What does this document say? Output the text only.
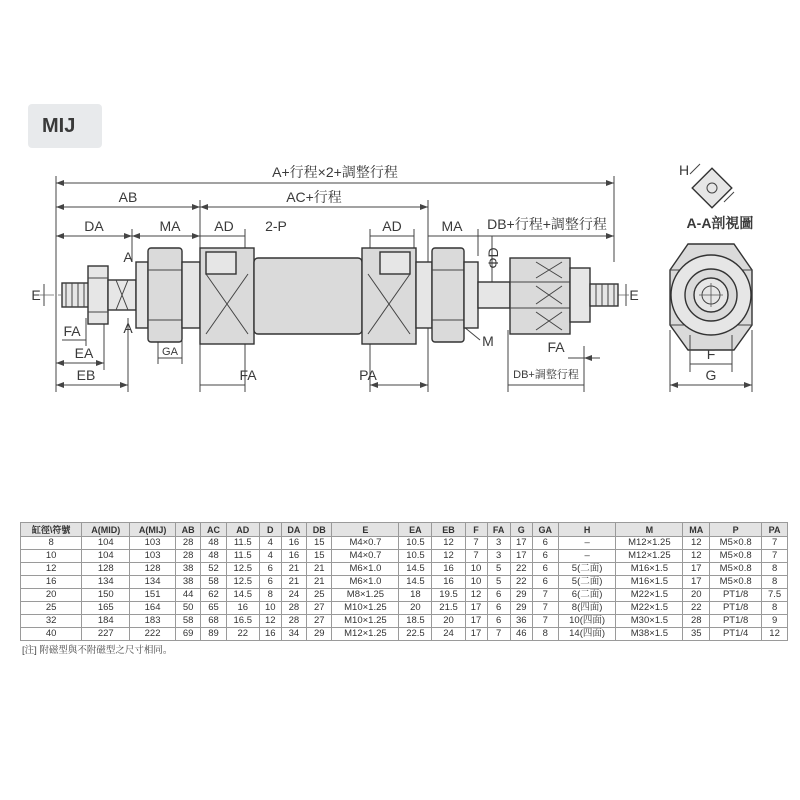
MIJ
A+行程×2+調整行程
AB	AC+行程
DA	MA AD 2-P	AD	MA DB+行程+調整行程
A
A
E	E
FA
EA
EB
GA
FA	PA
ΦD
M	FA
DB+調整行程
H
A-A剖視圖
F
G
缸徑\符號	A(MID)	A(MIJ)	AB	AC	AD	D	DA	DB	E	EA	EB	F	FA	G	GA	H	M	MA	P	PA
8	104	103	28	48	11.5	4	16	15	M4×0.7	10.5	12	7	3	17	6	–	M12×1.25	12	M5×0.8	7
10	104	103	28	48	11.5	4	16	15	M4×0.7	10.5	12	7	3	17	6	–	M12×1.25	12	M5×0.8	7
12	128	128	38	52	12.5	6	21	21	M6×1.0	14.5	16	10	5	22	6	5(二面)	M16×1.5	17	M5×0.8	8
16	134	134	38	58	12.5	6	21	21	M6×1.0	14.5	16	10	5	22	6	5(二面)	M16×1.5	17	M5×0.8	8
20	150	151	44	62	14.5	8	24	25	M8×1.25	18	19.5	12	6	29	7	6(二面)	M22×1.5	20	PT1/8	7.5
25	165	164	50	65	16	10	28	27	M10×1.25	20	21.5	17	6	29	7	8(四面)	M22×1.5	22	PT1/8	8
32	184	183	58	68	16.5	12	28	27	M10×1.25	18.5	20	17	6	36	7	10(四面)	M30×1.5	28	PT1/8	9
40	227	222	69	89	22	16	34	29	M12×1.25	22.5	24	17	7	46	8	14(四面)	M38×1.5	35	PT1/4	12
[注] 附磁型與不附磁型之尺寸相同。
